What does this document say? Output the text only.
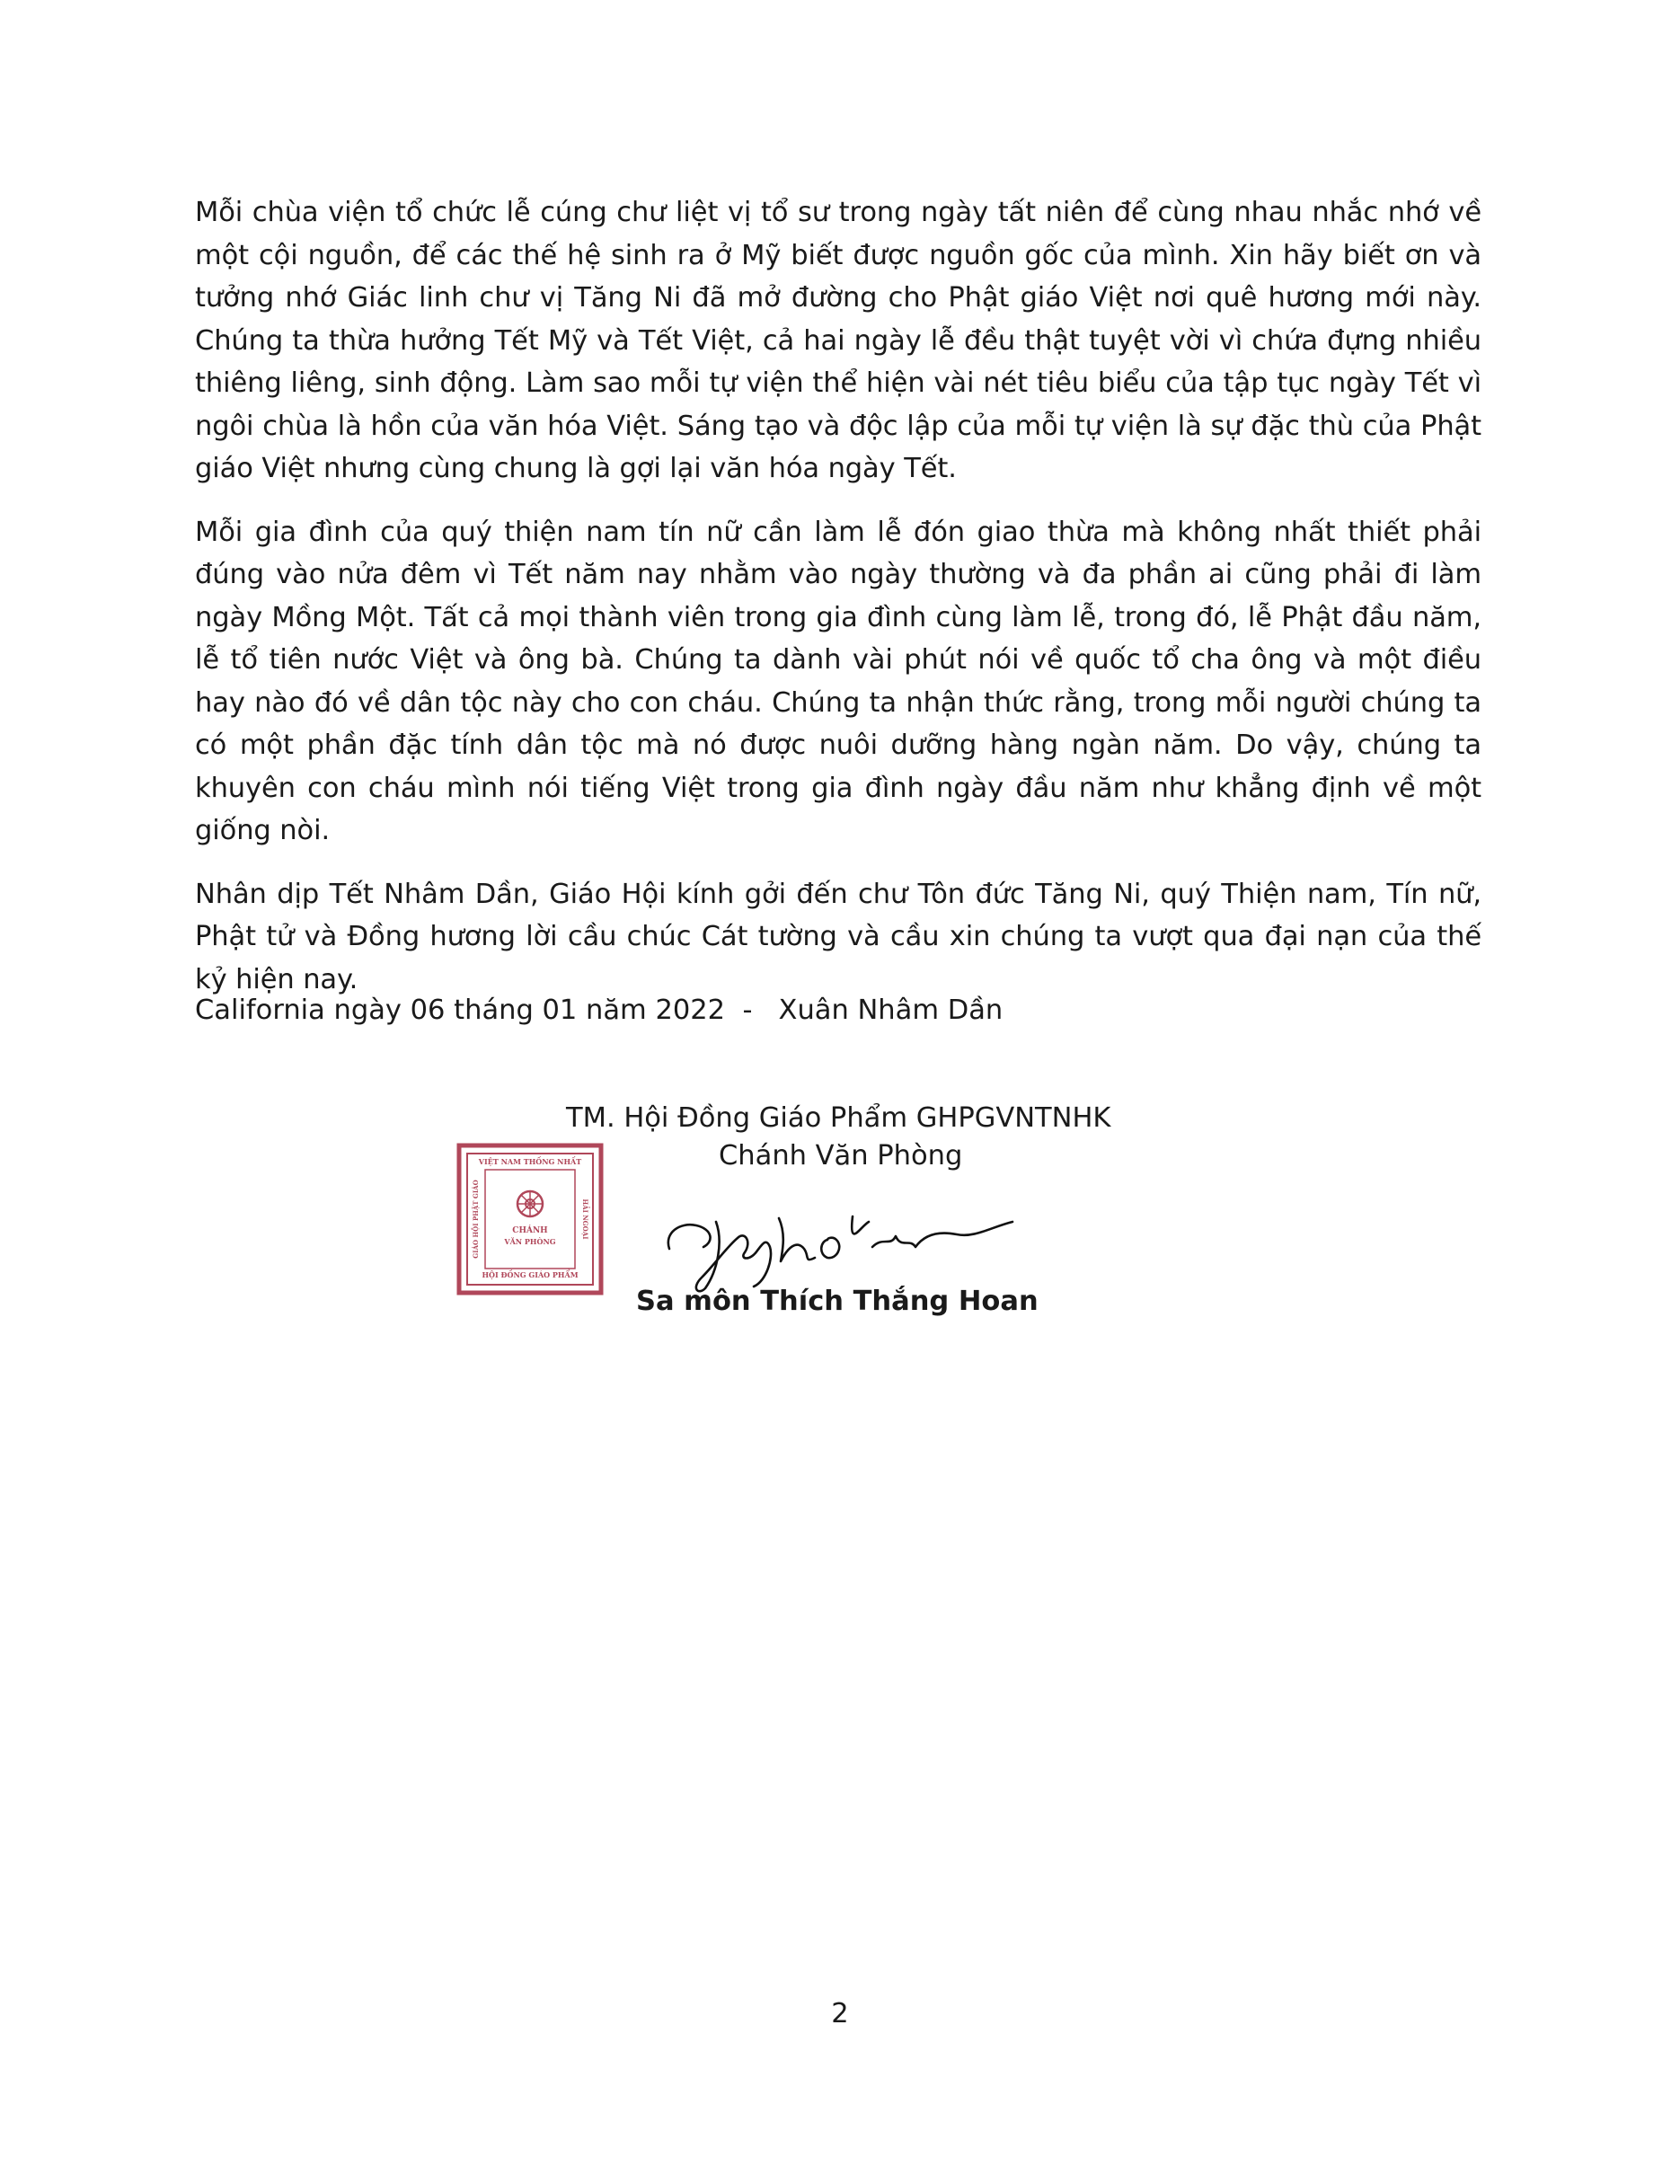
Mỗi chùa viện tổ chức lễ cúng chư liệt vị tổ sư trong ngày tất niên để cùng nhau nhắc nhớ về một cội nguồn, để các thế hệ sinh ra ở Mỹ biết được nguồn gốc của mình. Xin hãy biết ơn và tưởng nhớ Giác linh chư vị Tăng Ni đã mở đường cho Phật giáo Việt nơi quê hương mới này. Chúng ta thừa hưởng Tết Mỹ và Tết Việt, cả hai ngày lễ đều thật tuyệt vời vì chứa đựng nhiều thiêng liêng, sinh động. Làm sao mỗi tự viện thể hiện vài nét tiêu biểu của tập tục ngày Tết vì ngôi chùa là hồn của văn hóa Việt. Sáng tạo và độc lập của mỗi tự viện là sự đặc thù của Phật giáo Việt nhưng cùng chung là gợi lại văn hóa ngày Tết.

Mỗi gia đình của quý thiện nam tín nữ cần làm lễ đón giao thừa mà không nhất thiết phải đúng vào nửa đêm vì Tết năm nay nhằm vào ngày thường và đa phần ai cũng phải đi làm ngày Mồng Một. Tất cả mọi thành viên trong gia đình cùng làm lễ, trong đó, lễ Phật đầu năm, lễ tổ tiên nước Việt và ông bà. Chúng ta dành vài phút nói về quốc tổ cha ông và một điều hay nào đó về dân tộc này cho con cháu. Chúng ta nhận thức rằng, trong mỗi người chúng ta có một phần đặc tính dân tộc mà nó được nuôi dưỡng hàng ngàn năm. Do vậy, chúng ta khuyên con cháu mình nói tiếng Việt trong gia đình ngày đầu năm như khẳng định về một giống nòi.

Nhân dịp Tết Nhâm Dần, Giáo Hội kính gởi đến chư Tôn đức Tăng Ni, quý Thiện nam, Tín nữ, Phật tử và Đồng hương lời cầu chúc Cát tường và cầu xin chúng ta vượt qua đại nạn của thế kỷ hiện nay.

California ngày 06 tháng 01 năm 2022  -   Xuân Nhâm Dần
TM. Hội Đồng Giáo Phẩm GHPGVNTNHK
Chánh Văn Phòng
VIỆT NAM THỐNG NHẤT
HỘI ĐỒNG GIÁO PHẨM
GIÁO HỘI PHẬT GIÁO	HẢI NGOẠI
CHÁNH
VĂN PHÒNG
Sa môn Thích Thắng Hoan
2
